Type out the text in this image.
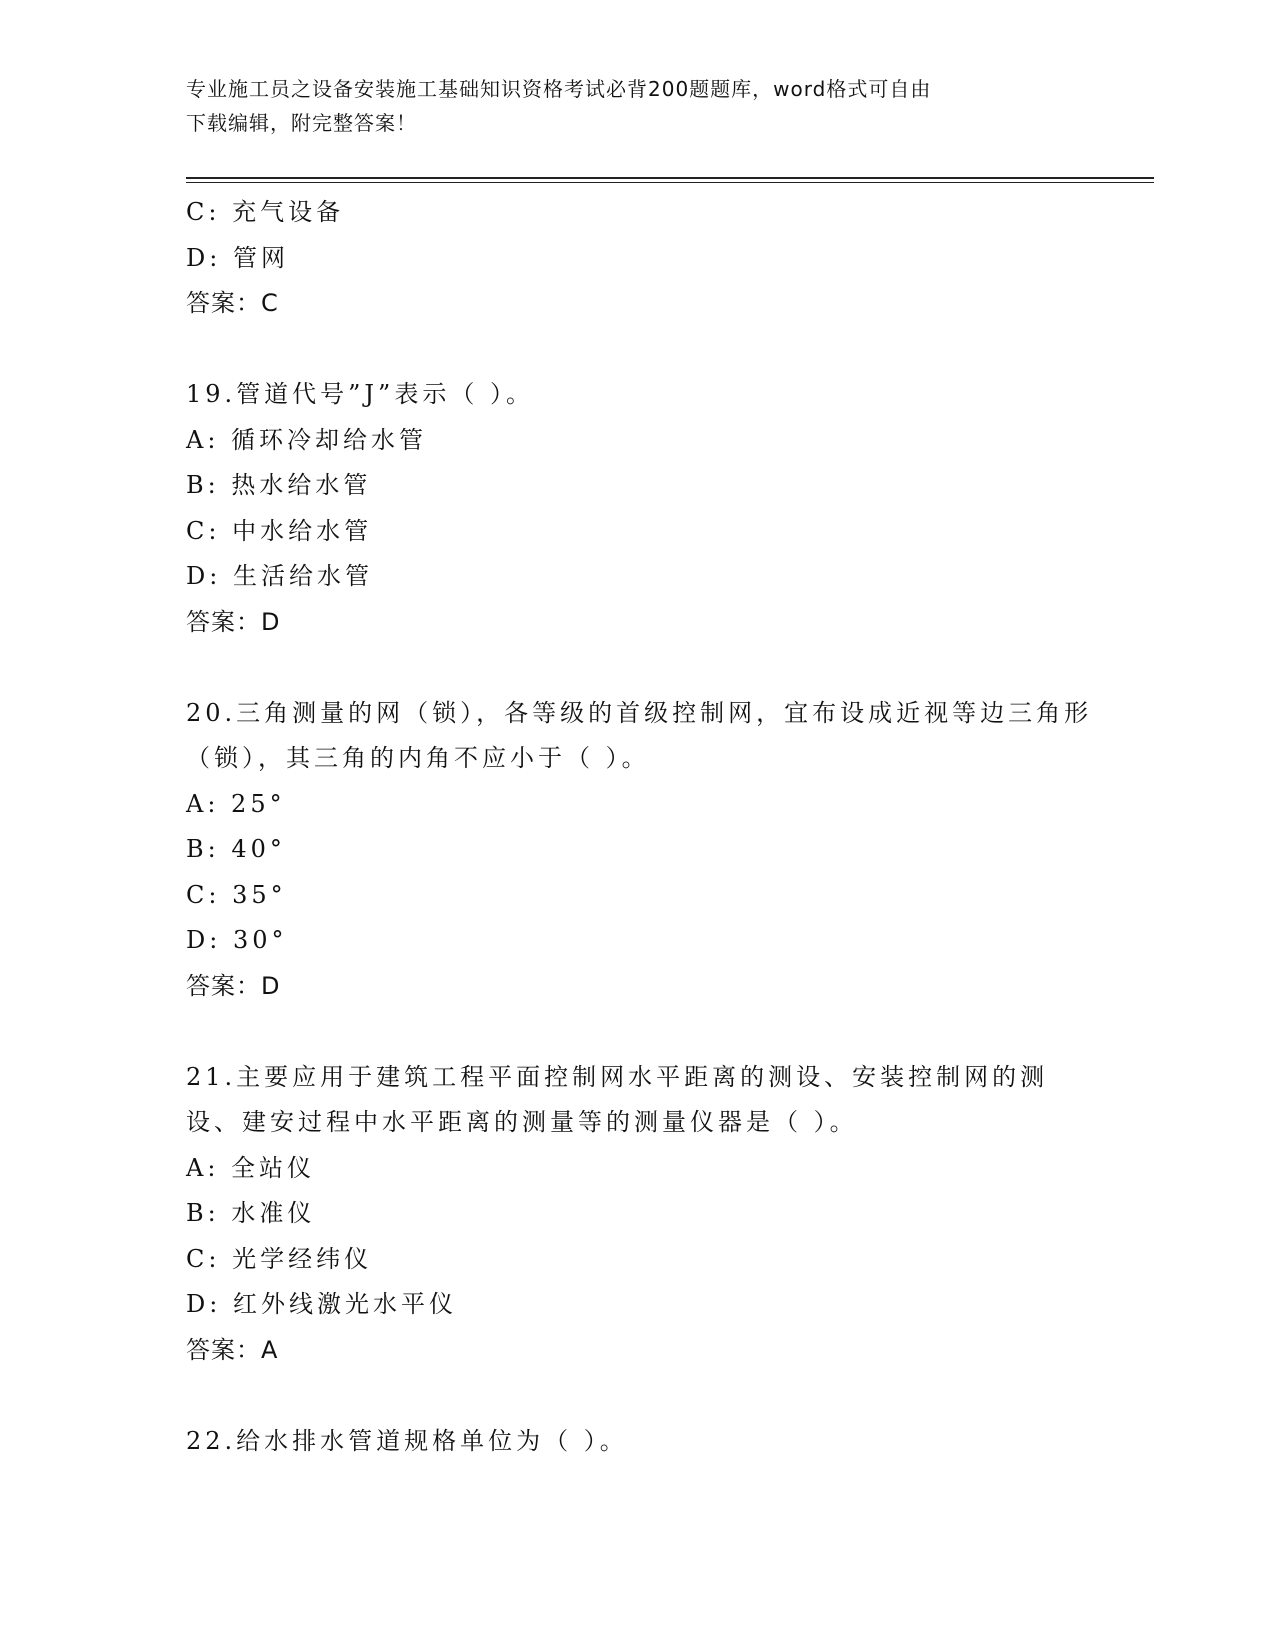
专业施工员之设备安装施工基础知识资格考试必背200题题库，word格式可自由
下载编辑，附完整答案！

C: 充气设备

D: 管网

答案：C

19.管道代号”J”表示（ ）。

A: 循环冷却给水管

B: 热水给水管

C: 中水给水管

D: 生活给水管

答案：D

20.三角测量的网（锁），各等级的首级控制网，宜布设成近视等边三角形（锁），其三角的内角不应小于（ ）。

A: 25°

B: 40°

C: 35°

D: 30°

答案：D

21.主要应用于建筑工程平面控制网水平距离的测设、安装控制网的测设、建安过程中水平距离的测量等的测量仪器是（ ）。

A: 全站仪

B: 水准仪

C: 光学经纬仪

D: 红外线激光水平仪

答案：A

22.给水排水管道规格单位为（ ）。
